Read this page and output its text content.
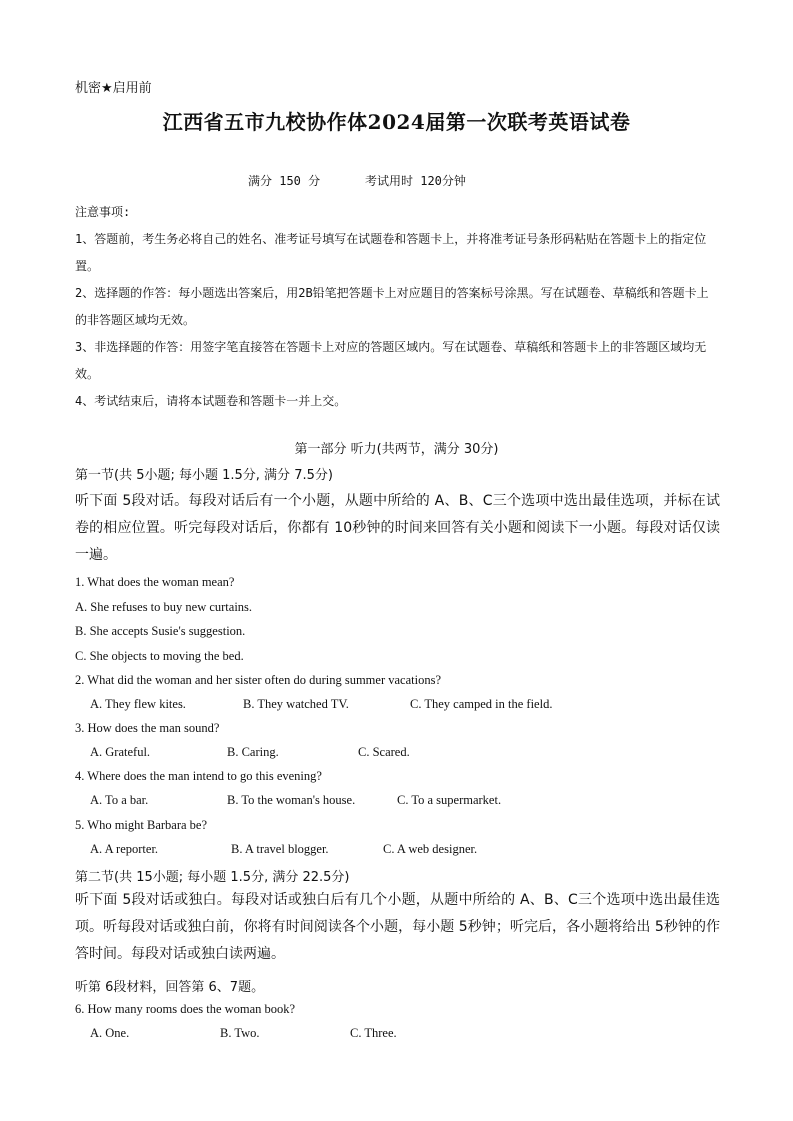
机密★启用前
江西省五市九校协作体2024届第一次联考英语试卷
满分 150 分	考试用时 120分钟

注意事项:

1、答题前，考生务必将自己的姓名、准考证号填写在试题卷和答题卡上，并将准考证号条形码粘贴在答题卡上的指定位置。

2、选择题的作答：每小题选出答案后，用2B铅笔把答题卡上对应题目的答案标号涂黑。写在试题卷、草稿纸和答题卡上的非答题区域均无效。

3、非选择题的作答：用签字笔直接答在答题卡上对应的答题区域内。写在试题卷、草稿纸和答题卡上的非答题区域均无效。

4、考试结束后，请将本试题卷和答题卡一并上交。

第一部分 听力(共两节，满分 30分)
第一节(共 5小题; 每小题 1.5分, 满分 7.5分)
听下面 5段对话。每段对话后有一个小题，从题中所给的 A、B、C三个选项中选出最佳选项，并标在试卷的相应位置。听完每段对话后，你都有 10秒钟的时间来回答有关小题和阅读下一小题。每段对话仅读一遍。
1. What does the woman mean?
A. She refuses to buy new curtains.
B. She accepts Susie's suggestion.
C. She objects to moving the bed.
2. What did the woman and her sister often do during summer vacations?
A. They flew kites.	B. They watched TV.	C. They camped in the field.
3. How does the man sound?
A. Grateful.	B. Caring.	C. Scared.
4. Where does the man intend to go this evening?
A. To a bar.	B. To the woman's house.	C. To a supermarket.
5. Who might Barbara be?
A. A reporter.	B. A travel blogger.	C. A web designer.
第二节(共 15小题; 每小题 1.5分, 满分 22.5分)
听下面 5段对话或独白。每段对话或独白后有几个小题，从题中所给的 A、B、C三个选项中选出最佳选项。听每段对话或独白前，你将有时间阅读各个小题，每小题 5秒钟；听完后，各小题将给出 5秒钟的作答时间。每段对话或独白读两遍。
听第 6段材料，回答第 6、7题。
6. How many rooms does the woman book?
A. One.	B. Two.	C. Three.
